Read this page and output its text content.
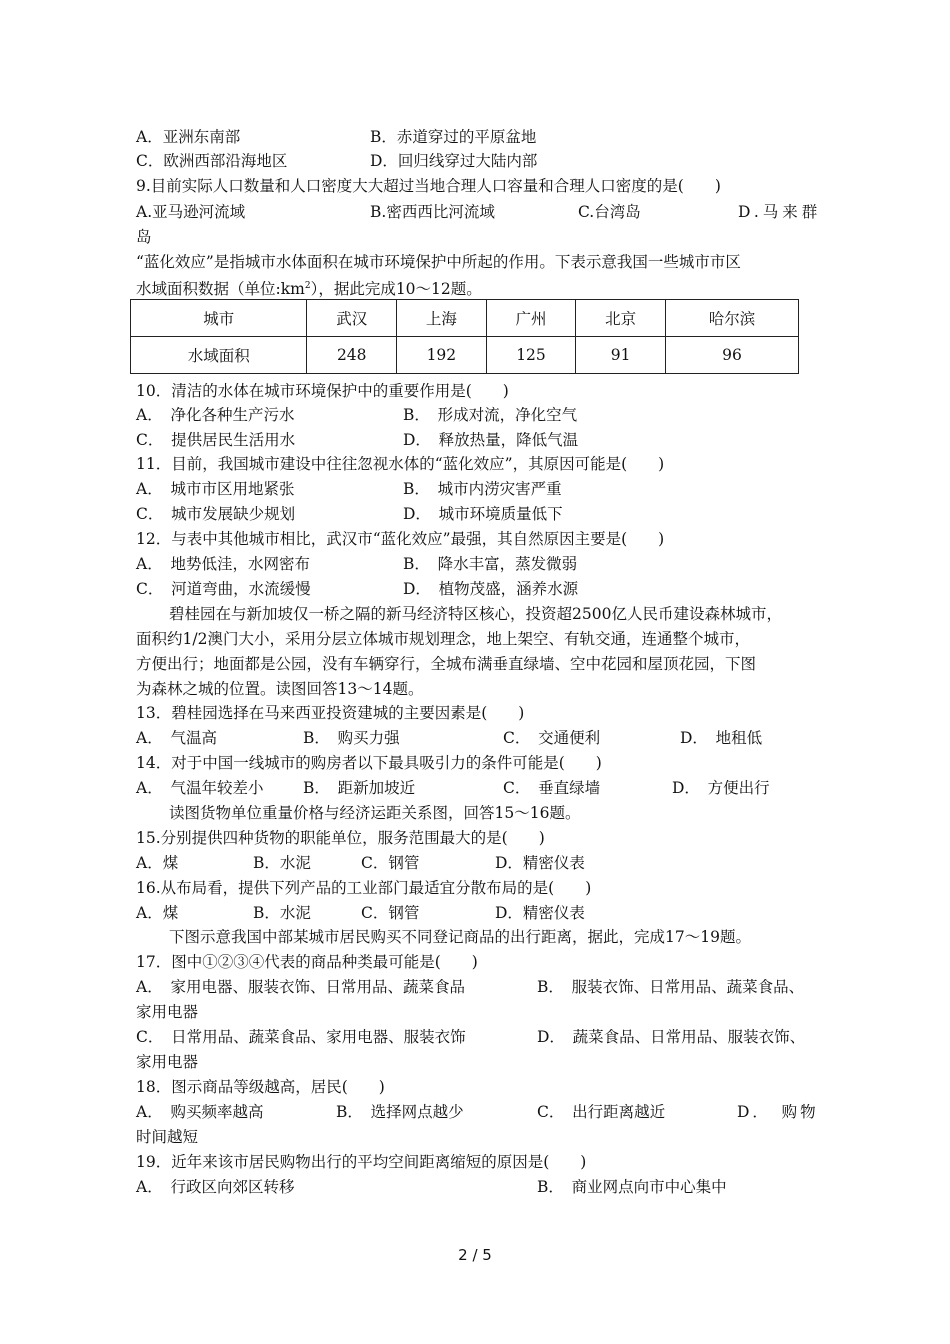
A．亚洲东南部	B．赤道穿过的平原盆地
C．欧洲西部沿海地区	D．回归线穿过大陆内部
9.目前实际人口数量和人口密度大大超过当地合理人口容量和合理人口密度的是(　　)
A.亚马逊河流域	B.密西西比河流域	C.台湾岛	D.马来群
岛
“蓝化效应”是指城市水体面积在城市环境保护中所起的作用。下表示意我国一些城市市区
水域面积数据（单位$:km^2$），据此完成10～12题。
城市	武汉	上海	广州	北京	哈尔滨
水域面积	248	192	125	91	96
10．清洁的水体在城市环境保护中的重要作用是(　　)
A．　净化各种生产污水	B．　形成对流，净化空气
C．　提供居民生活用水	D．　释放热量，降低气温
11．目前，我国城市建设中往往忽视水体的“蓝化效应”，其原因可能是(　　)
A．　城市市区用地紧张	B．　城市内涝灾害严重
C．　城市发展缺少规划	D．　城市环境质量低下
12．与表中其他城市相比，武汉市“蓝化效应”最强，其自然原因主要是(　　)
A．　地势低洼，水网密布	B．　降水丰富，蒸发微弱
C．　河道弯曲，水流缓慢	D．　植物茂盛，涵养水源
碧桂园在与新加坡仅一桥之隔的新马经济特区核心，投资超2500亿人民币建设森林城市，
面积约1/2澳门大小，采用分层立体城市规划理念，地上架空、有轨交通，连通整个城市，
方便出行；地面都是公园，没有车辆穿行，全城布满垂直绿墙、空中花园和屋顶花园，下图
为森林之城的位置。读图回答13～14题。
13．碧桂园选择在马来西亚投资建城的主要因素是(　　)
A．　气温高	B．　购买力强	C．　交通便利	D．　地租低
14．对于中国一线城市的购房者以下最具吸引力的条件可能是(　　)
A．　气温年较差小	B．　距新加坡近	C．　垂直绿墙	D．　方便出行
读图货物单位重量价格与经济运距关系图，回答15～16题。
15.分别提供四种货物的职能单位，服务范围最大的是(　　)
A．煤	B．水泥	C．钢管	D．精密仪表
16.从布局看，提供下列产品的工业部门最适宜分散布局的是(　　)
A．煤	B．水泥	C．钢管	D．精密仪表
下图示意我国中部某城市居民购买不同登记商品的出行距离，据此，完成17～19题。
17．图中①②③④代表的商品种类最可能是(　　)
A．　家用电器、服装衣饰、日常用品、蔬菜食品	B．　服装衣饰、日常用品、蔬菜食品、
家用电器
C．　日常用品、蔬菜食品、家用电器、服装衣饰	D．　蔬菜食品、日常用品、服装衣饰、
家用电器
18．图示商品等级越高，居民(　　)
A．　购买频率越高	B．　选择网点越少	C．　出行距离越近	D．　购物
时间越短
19．近年来该市居民购物出行的平均空间距离缩短的原因是(　　)
A．　行政区向郊区转移	B．　商业网点向市中心集中
2 / 5
